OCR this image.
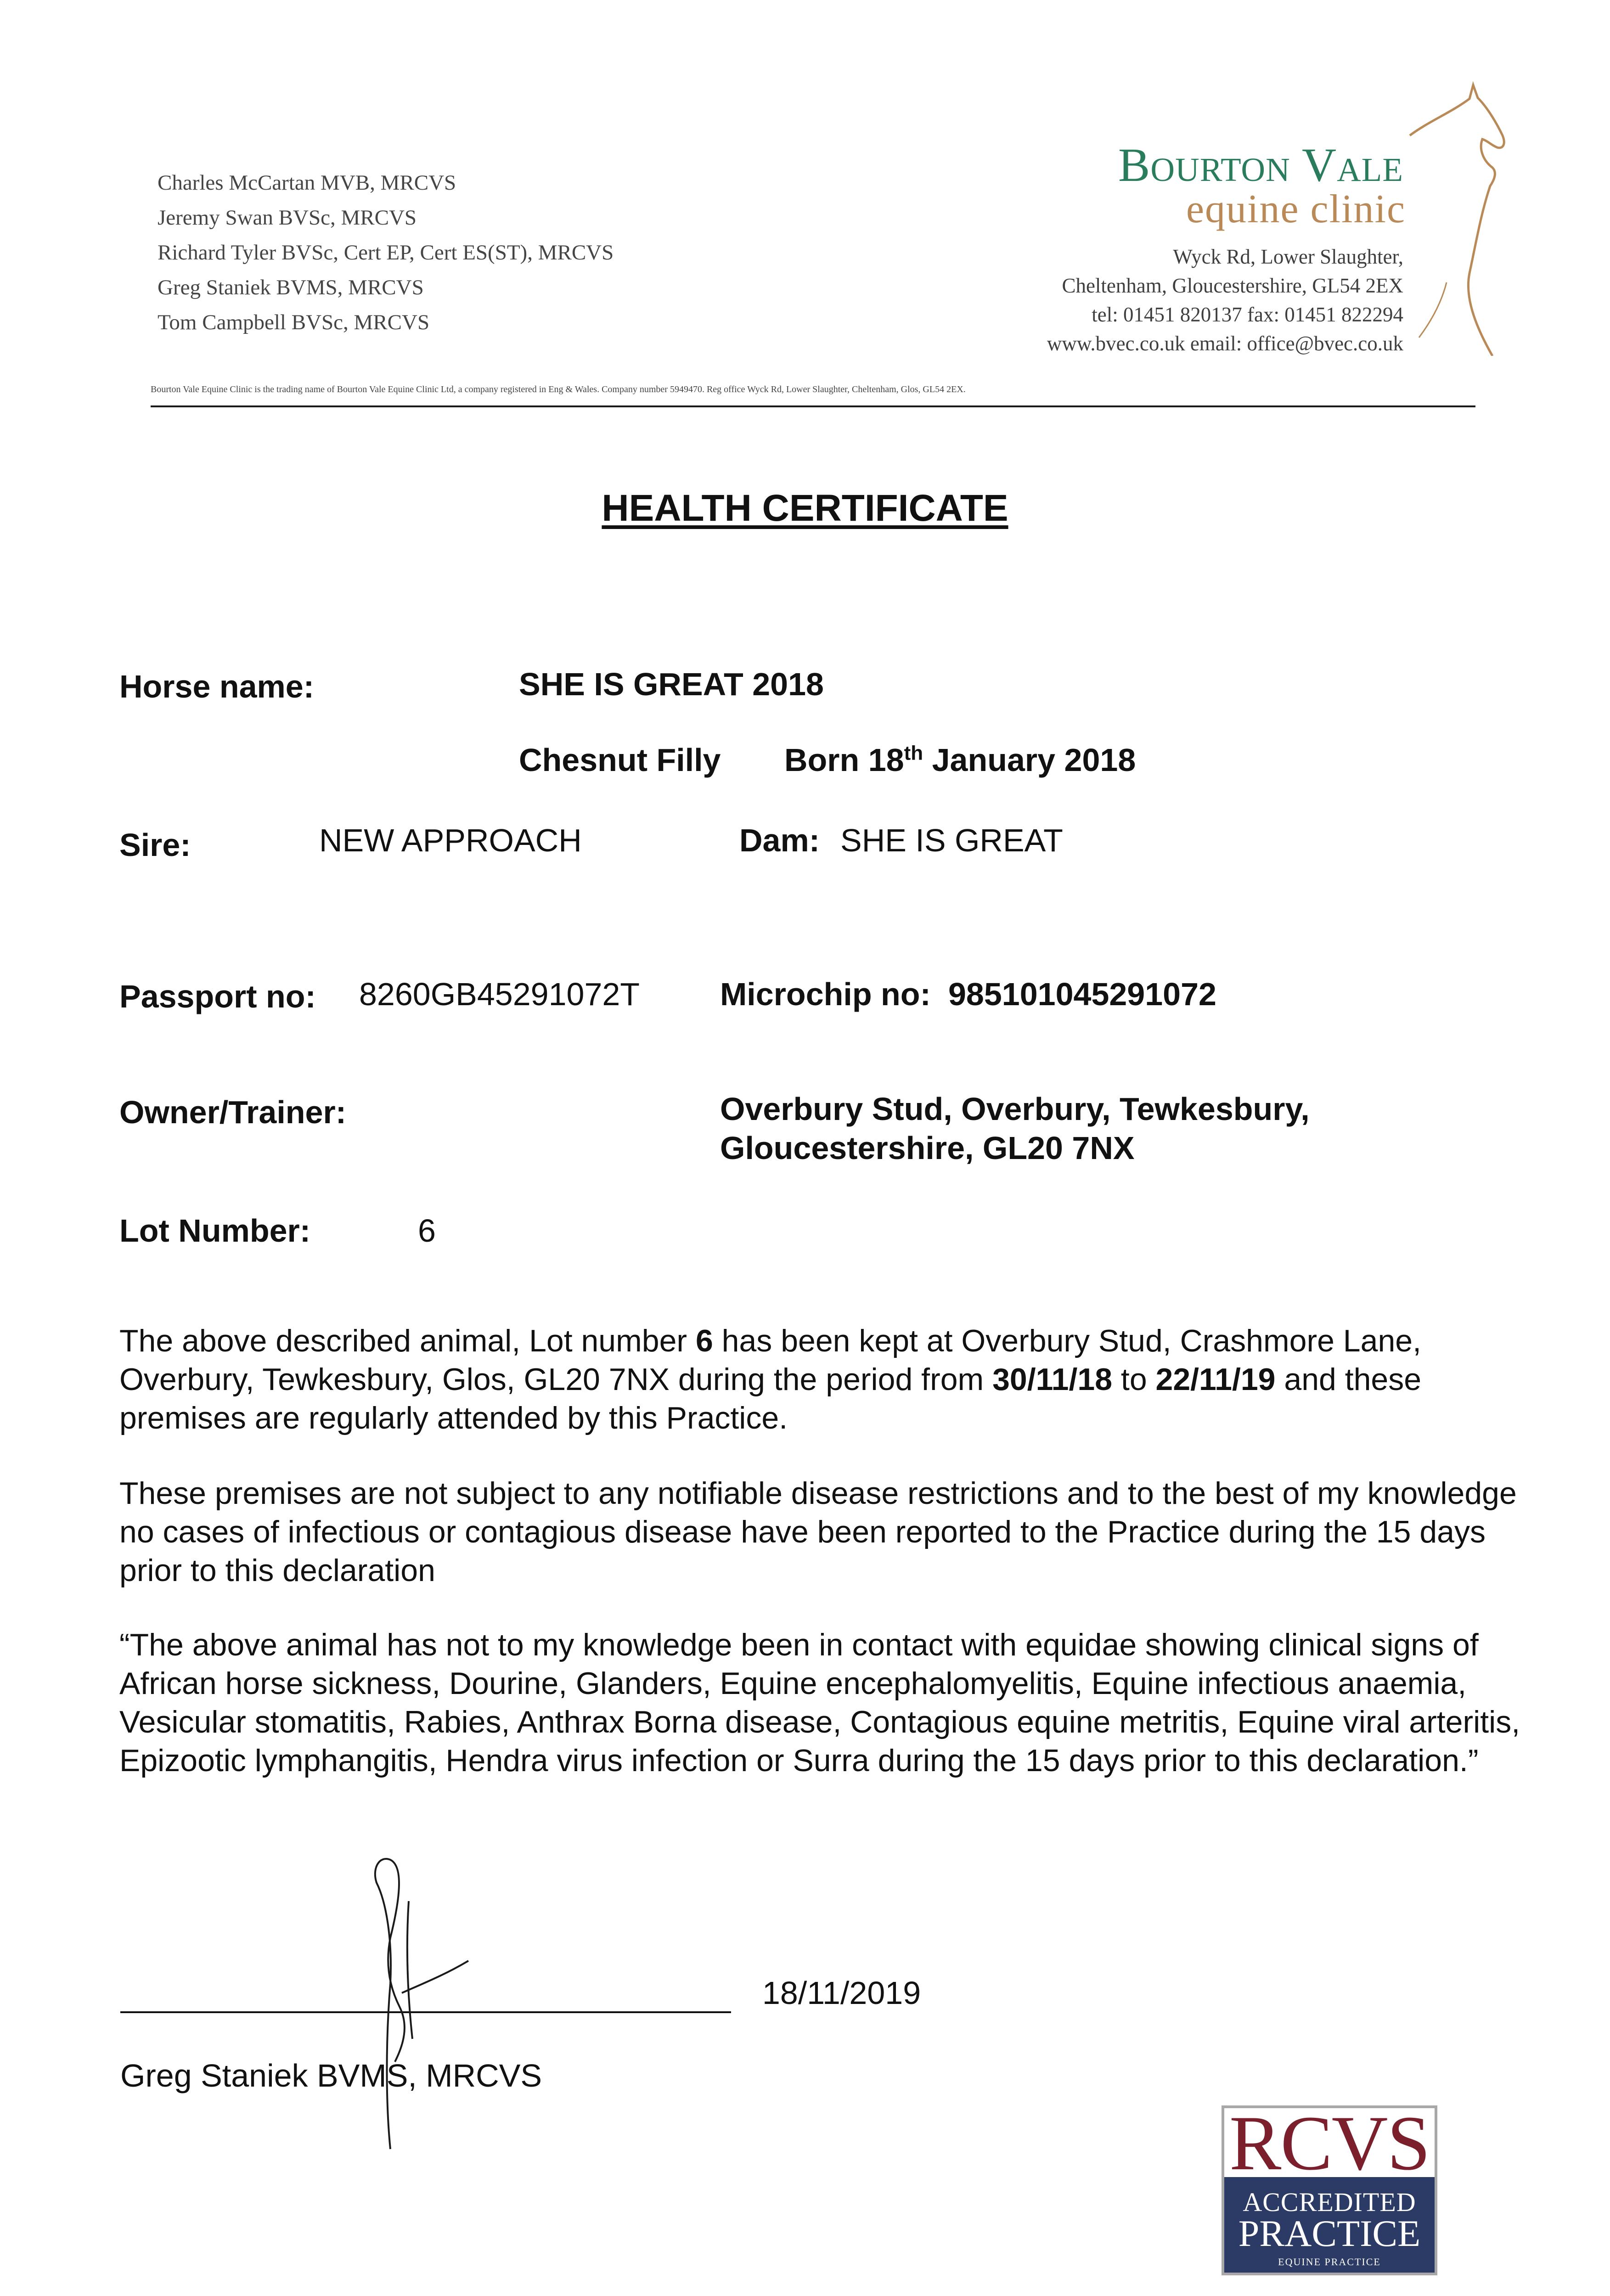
Charles McCartan MVB, MRCVS
Jeremy Swan BVSc, MRCVS
Richard Tyler BVSc, Cert EP, Cert ES(ST), MRCVS
Greg Staniek BVMS, MRCVS
Tom Campbell BVSc, MRCVS
Bourton Vale
equine clinic
Wyck Rd, Lower Slaughter,
Cheltenham, Gloucestershire, GL54 2EX
tel: 01451 820137 fax: 01451 822294
www.bvec.co.uk email: office@bvec.co.uk
Bourton Vale Equine Clinic is the trading name of Bourton Vale Equine Clinic Ltd, a company registered in Eng & Wales. Company number 5949470. Reg office Wyck Rd, Lower Slaughter, Cheltenham, Glos, GL54 2EX.
HEALTH CERTIFICATE
Horse name:	SHE IS GREAT 2018
Chesnut Filly Born 18th January 2018
Sire:	NEW APPROACH	Dam: SHE IS GREAT
Passport no: 8260GB45291072T Microchip no: 985101045291072
Owner/Trainer:	Overbury Stud, Overbury, Tewkesbury,
Gloucestershire, GL20 7NX
Lot Number:	6
The above described animal, Lot number 6 has been kept at Overbury Stud, Crashmore Lane, Overbury, Tewkesbury, Glos, GL20 7NX during the period from 30/11/18 to 22/11/19 and these premises are regularly attended by this Practice.
These premises are not subject to any notifiable disease restrictions and to the best of my knowledge no cases of infectious or contagious disease have been reported to the Practice during the 15 days prior to this declaration
“The above animal has not to my knowledge been in contact with equidae showing clinical signs of African horse sickness, Dourine, Glanders, Equine encephalomyelitis, Equine infectious anaemia, Vesicular stomatitis, Rabies, Anthrax Borna disease, Contagious equine metritis, Equine viral arteritis, Epizootic lymphangitis, Hendra virus infection or Surra during the 15 days prior to this declaration.”
18/11/2019
Greg Staniek BVMS, MRCVS
RCVS
ACCREDITED
PRACTICE
EQUINE PRACTICE
